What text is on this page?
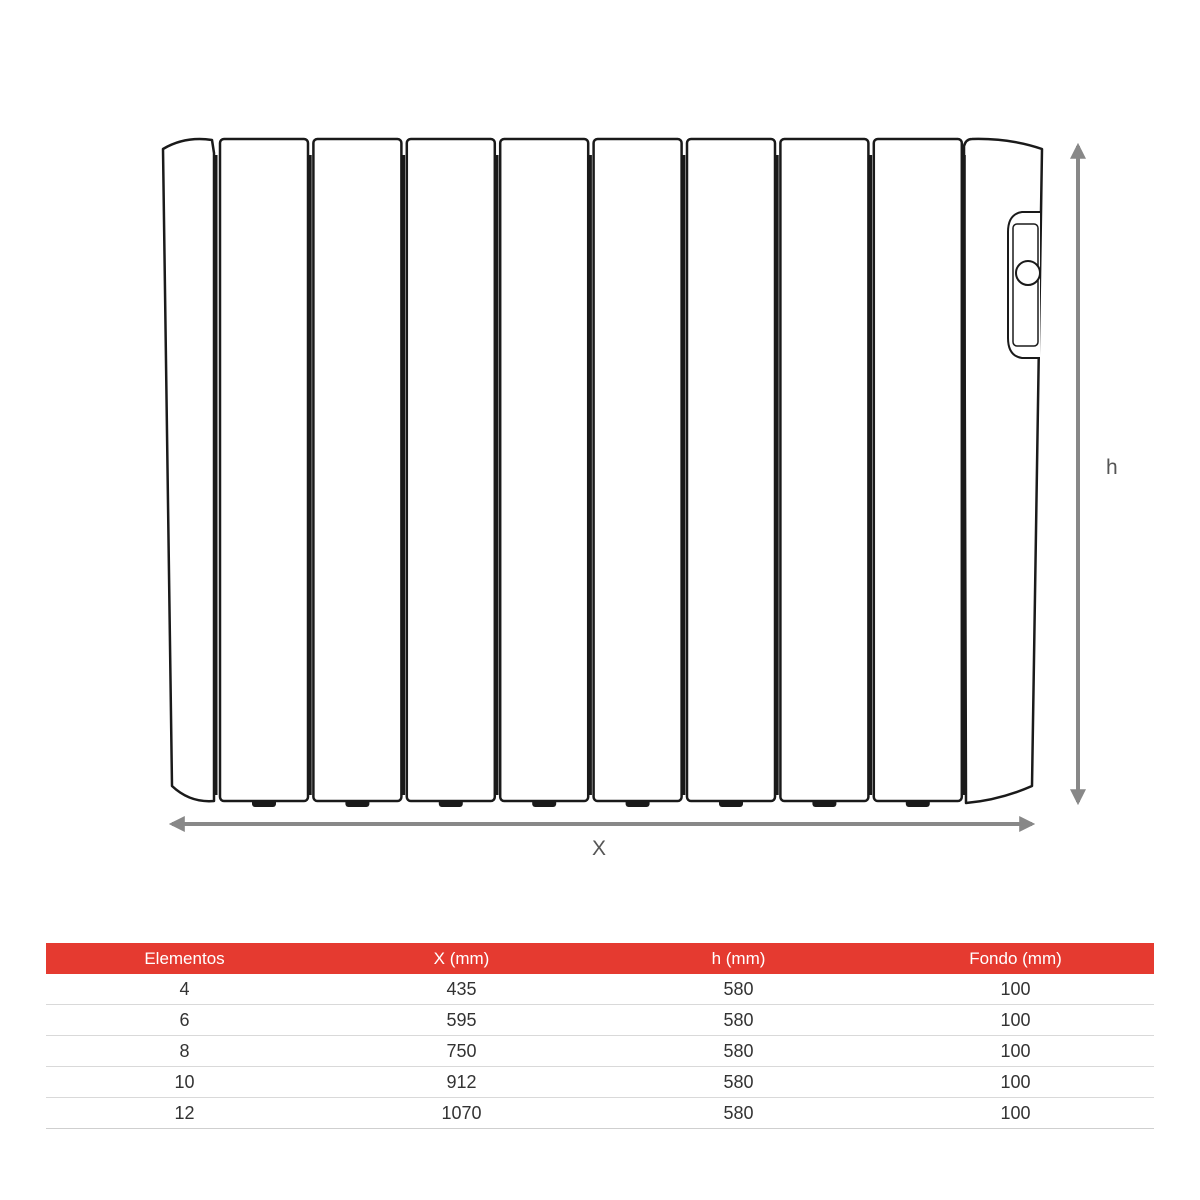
X
h
Elementos	X (mm)	h (mm)	Fondo (mm)
4	435	580	100
6	595	580	100
8	750	580	100
10	912	580	100
12	1070	580	100
